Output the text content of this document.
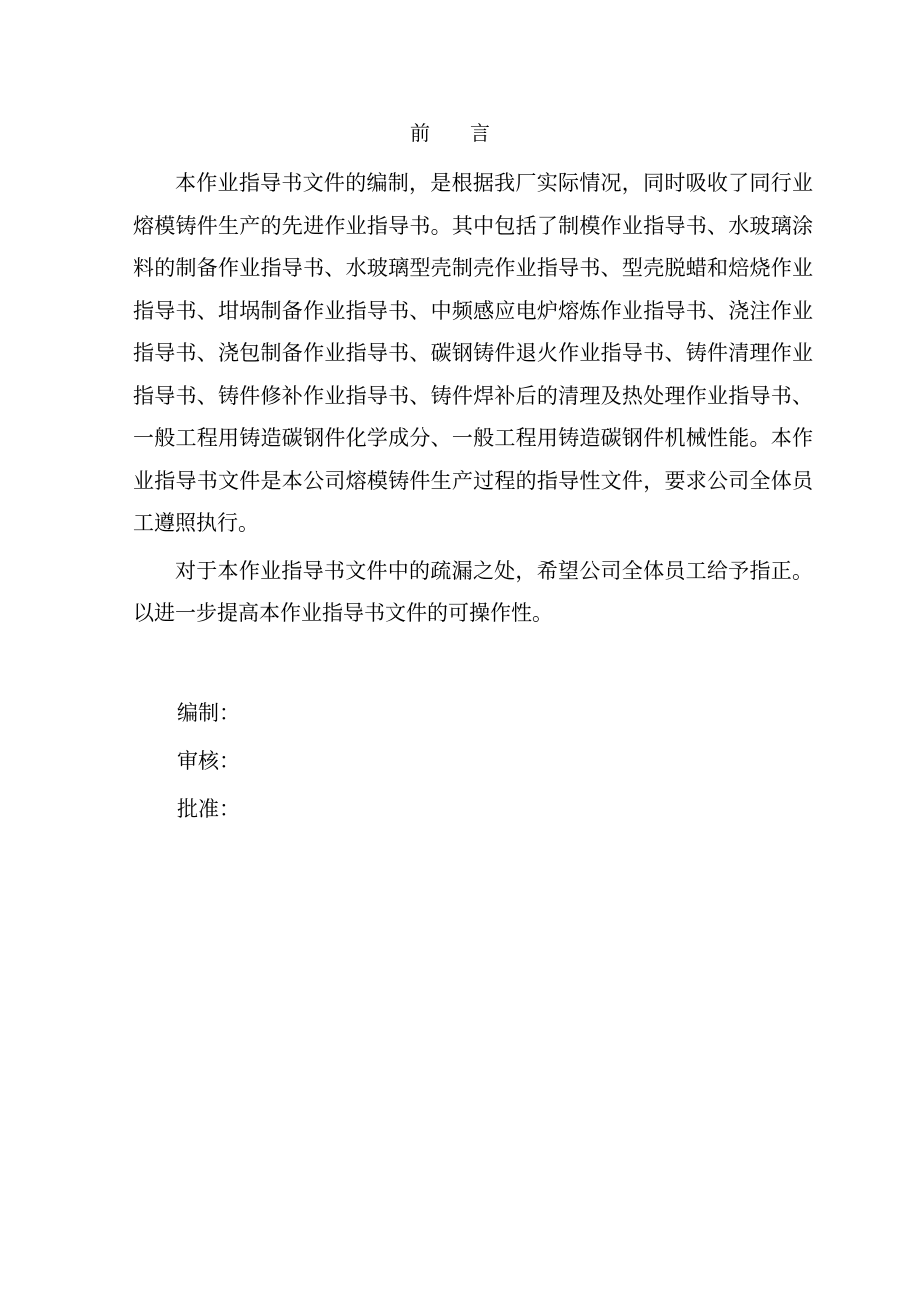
前言

本作业指导书文件的编制，是根据我厂实际情况，同时吸收了同行业熔模铸件生产的先进作业指导书。其中包括了制模作业指导书、水玻璃涂料的制备作业指导书、水玻璃型壳制壳作业指导书、型壳脱蜡和焙烧作业指导书、坩埚制备作业指导书、中频感应电炉熔炼作业指导书、浇注作业指导书、浇包制备作业指导书、碳钢铸件退火作业指导书、铸件清理作业指导书、铸件修补作业指导书、铸件焊补后的清理及热处理作业指导书、一般工程用铸造碳钢件化学成分、一般工程用铸造碳钢件机械性能。本作业指导书文件是本公司熔模铸件生产过程的指导性文件，要求公司全体员工遵照执行。

对于本作业指导书文件中的疏漏之处，希望公司全体员工给予指正。以进一步提高本作业指导书文件的可操作性。

编制：
审核：
批准：
